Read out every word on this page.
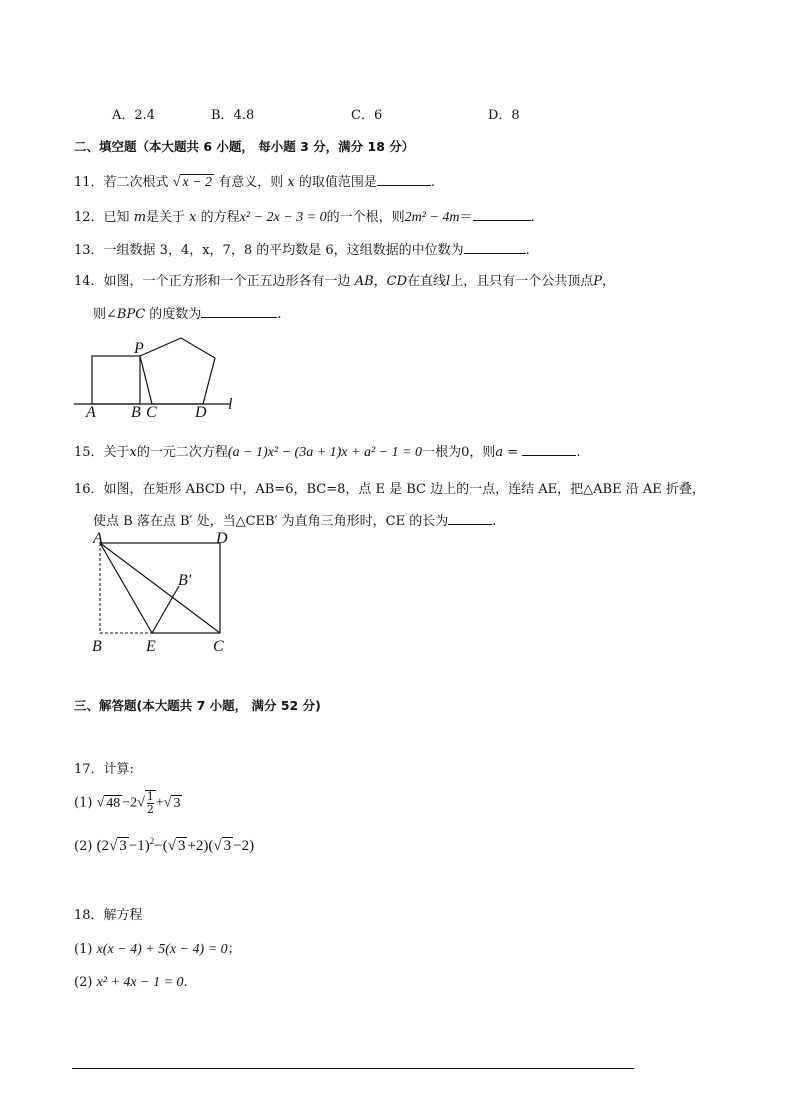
A．2.4	B．4.8	C．6	D．8
二、填空题（本大题共 6 小题， 每小题 3 分，满分 18 分）
11．若二次根式 √ x − 2 有意义，则 x 的取值范围是	.
12．已知 m是关于 x 的方程x² − 2x − 3 = 0的一个根，则2m² − 4m＝	.
13．一组数据 3，4，x，7，8 的平均数是 6，这组数据的中位数为	.
14．如图，一个正方形和一个正五边形各有一边 AB，CD在直线l上，且只有一个公共顶点P，
则∠BPC 的度数为	.
P
A B C D l
15．关于x的一元二次方程(a − 1)x² − (3a + 1)x + a² − 1 = 0一根为0，则a =	.
16．如图，在矩形 ABCD 中，AB=6，BC=8，点 E 是 BC 边上的一点，连结 AE，把△ABE 沿 AE 折叠，
使点 B 落在点 B′ 处，当△CEB′ 为直角三角形时，CE 的长为	.
A	D
B′
B	E	C
三、解答题(本大题共 7 小题， 满分 52 分)
17．计算:
(1) √ $48 -2√ \frac{1}{2}$ +√ 3
(2) (2√ 3 −1)$^2$−(√ 3 +2)(√ 3 −2)
18．解方程
(1) x(x − 4) + 5(x − 4) = 0；
(2) x² + 4x − 1 = 0.
